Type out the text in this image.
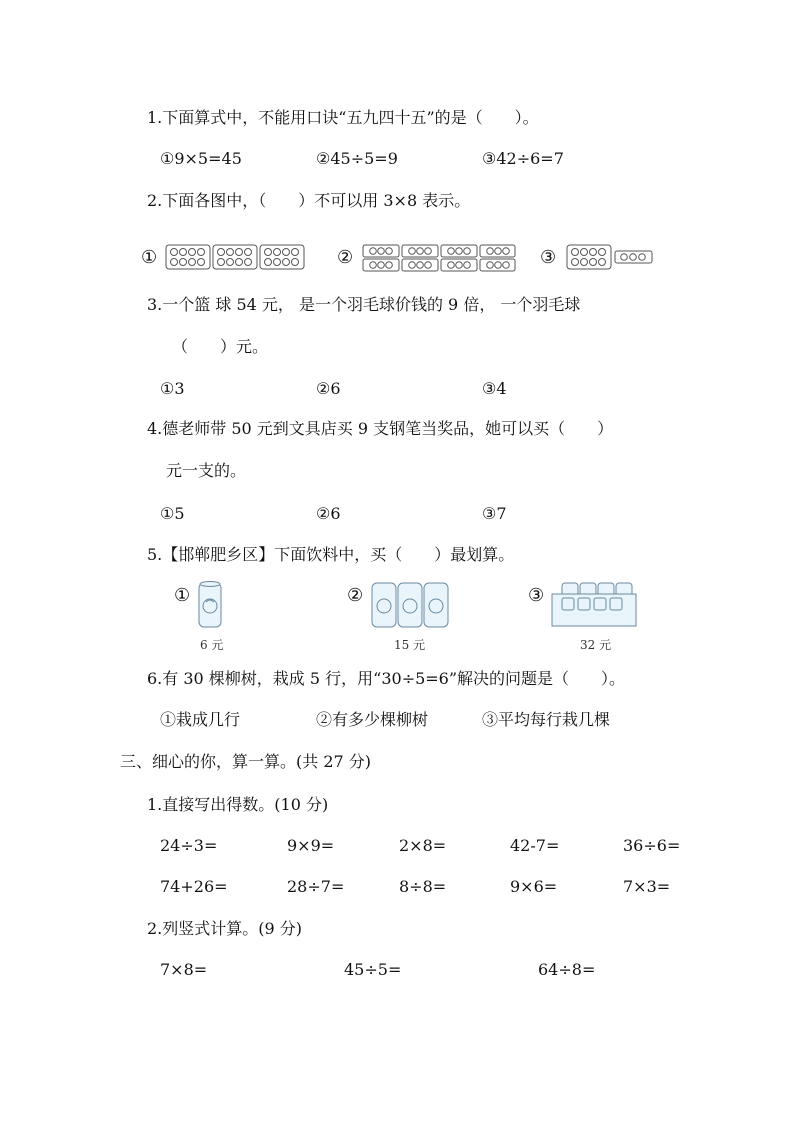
1.下面算式中，不能用口诀“五九四十五”的是（　　）。
①9×5=45	②45÷5=9	③42÷6=7
2.下面各图中，（　　）不可以用 3×8 表示。
①	②	③
3.一个篮 球 54 元， 是一个羽毛球价钱的 9 倍， 一个羽毛球
（　　）元。
①3	②6	③4
4.德老师带 50 元到文具店买 9 支钢笔当奖品，她可以买（　　）
元一支的。
①5	②6	③7
5.【邯郸肥乡区】下面饮料中，买（　　）最划算。
①
6 元
②
15 元
③
32 元
6.有 30 棵柳树，栽成 5 行，用“30÷5=6”解决的问题是（　　）。
①栽成几行	②有多少棵柳树	③平均每行栽几棵
三、细心的你，算一算。(共 27 分)
1.直接写出得数。(10 分)
24÷3=	9×9=	2×8=	42-7=	36÷6=
74+26=	28÷7=	8÷8=	9×6=	7×3=
2.列竖式计算。(9 分)
7×8=	45÷5=	64÷8=
